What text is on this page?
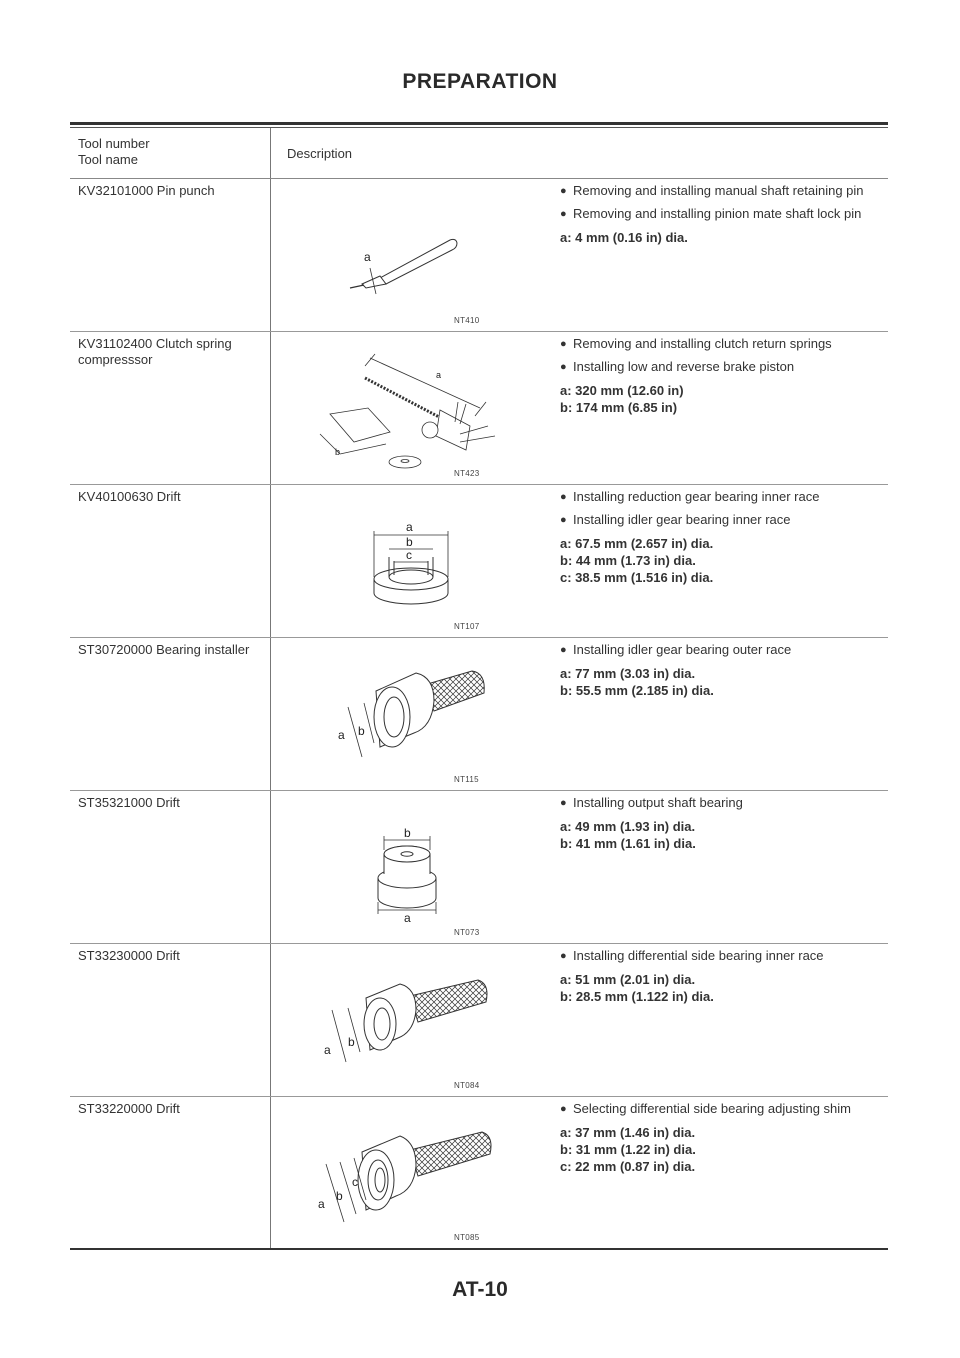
PREPARATION
Tool number
Tool name	Description
KV32101000 Pin punch
a
NT410
● Removing and installing manual shaft retaining pin
● Removing and installing pinion mate shaft lock pin
a: 4 mm (0.16 in) dia.
KV31102400 Clutch spring compresssor
a
b
NT423
● Removing and installing clutch return springs
● Installing low and reverse brake piston
a: 320 mm (12.60 in)
b: 174 mm (6.85 in)
KV40100630 Drift
a
b
c
NT107
● Installing reduction gear bearing inner race
● Installing idler gear bearing inner race
a: 67.5 mm (2.657 in) dia.
b: 44 mm (1.73 in) dia.
c: 38.5 mm (1.516 in) dia.
ST30720000 Bearing installer
a b
NT115
● Installing idler gear bearing outer race
a: 77 mm (3.03 in) dia.
b: 55.5 mm (2.185 in) dia.
ST35321000 Drift
b
a
NT073
● Installing output shaft bearing
a: 49 mm (1.93 in) dia.
b: 41 mm (1.61 in) dia.
ST33230000 Drift
a
b
NT084
● Installing differential side bearing inner race
a: 51 mm (2.01 in) dia.
b: 28.5 mm (1.122 in) dia.
ST33220000 Drift
a
b
c
NT085
● Selecting differential side bearing adjusting shim
a: 37 mm (1.46 in) dia.
b: 31 mm (1.22 in) dia.
c: 22 mm (0.87 in) dia.
AT-10
